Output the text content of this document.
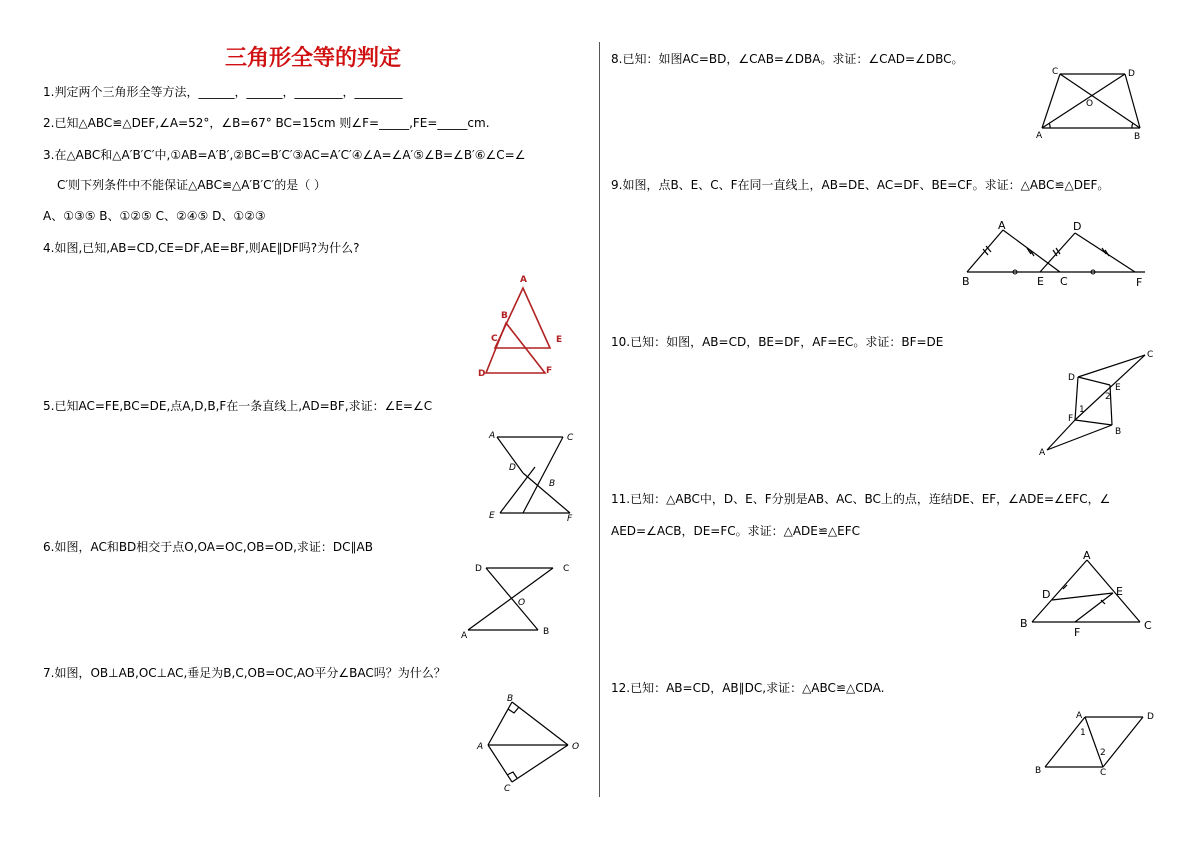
三角形全等的判定
1.判定两个三角形全等方法，______，______，________，________
2.已知△ABC≌△DEF,∠A=52°，∠B=67° BC=15cm 则∠F=_____,FE=_____cm.
3.在△ABC和△A′B′C′中,①AB=A′B′,②BC=B′C′③AC=A′C′④∠A=∠A′⑤∠B=∠B′⑥∠C=∠
C′则下列条件中不能保证△ABC≌△A′B′C′的是（ ）
A、①③⑤ B、①②⑤ C、②④⑤ D、①②③
4.如图,已知,AB=CD,CE=DF,AE=BF,则AE∥DF吗?为什么?
5.已知AC=FE,BC=DE,点A,D,B,F在一条直线上,AD=BF,求证：∠E=∠C
6.如图，AC和BD相交于点O,OA=OC,OB=OD,求证：DC∥AB
7.如图，OB⊥AB,OC⊥AC,垂足为B,C,OB=OC,AO平分∠BAC吗？为什么？
8.已知：如图AC=BD，∠CAB=∠DBA。求证：∠CAD=∠DBC。
9.如图，点B、E、C、F在同一直线上，AB=DE、AC=DF、BE=CF。求证：△ABC≌△DEF。
10.已知：如图，AB=CD，BE=DF，AF=EC。求证：BF=DE
11.已知：△ABC中，D、E、F分别是AB、AC、BC上的点，连结DE、EF，∠ADE=∠EFC，∠
AED=∠ACB，DE=FC。求证：△ADE≌△EFC
12.已知：AB=CD，AB∥DC,求证：△ABC≌△CDA.
A
B
C
D
E
F
A	C
D
B
E	F
D	C
O
A	B
B
A	O
C
C	D
O
A	B
A	D
B	E C	F
D
C
E
2
1
F
B
A
A
D	E
B
F
C
A	D
1
2
B	C
